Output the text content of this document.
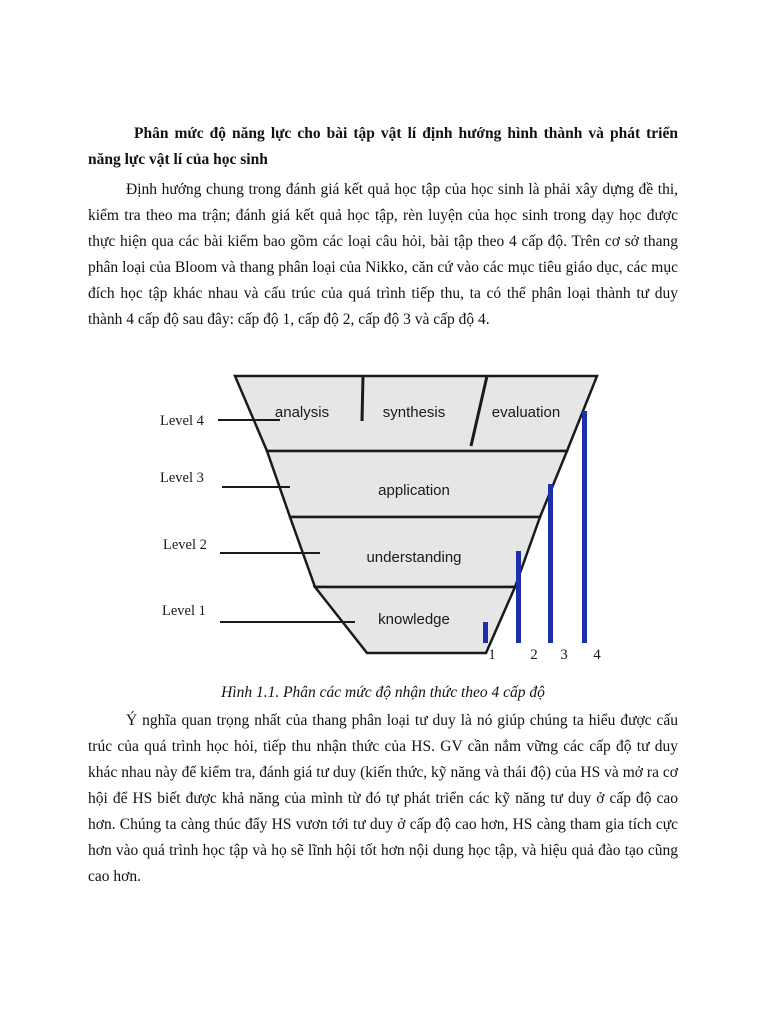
Phân mức độ năng lực cho bài tập vật lí định hướng hình thành và phát triển năng lực vật lí của học sinh
Định hướng chung trong đánh giá kết quả học tập của học sinh là phải xây dựng đề thi, kiểm tra theo ma trận; đánh giá kết quả học tập, rèn luyện của học sinh trong dạy học được thực hiện qua các bài kiểm bao gồm các loại câu hỏi, bài tập theo 4 cấp độ. Trên cơ sở thang phân loại của Bloom và thang phân loại của Nikko, căn cứ vào các mục tiêu giáo dục, các mục đích học tập khác nhau và cấu trúc của quá trình tiếp thu, ta có thể phân loại thành tư duy thành 4 cấp độ sau đây: cấp độ 1, cấp độ 2, cấp độ 3 và cấp độ 4.
Hình 1.1. Phân các mức độ nhận thức theo 4 cấp độ
Ý nghĩa quan trọng nhất của thang phân loại tư duy là nó giúp chúng ta hiểu được cấu trúc của quá trình học hỏi, tiếp thu nhận thức của HS. GV cần nắm vững các cấp độ tư duy khác nhau này để kiểm tra, đánh giá tư duy (kiến thức, kỹ năng và thái độ) của HS và mở ra cơ hội để HS biết được khả năng của mình từ đó tự phát triển các kỹ năng tư duy ở cấp độ cao hơn. Chúng ta càng thúc đẩy HS vươn tới tư duy ở cấp độ cao hơn, HS càng tham gia tích cực hơn vào quá trình học tập và họ sẽ lĩnh hội tốt hơn nội dung học tập, và hiệu quả đào tạo cũng cao hơn.
analysis	synthesis	evaluation
application
understanding
knowledge
Level 4
Level 3
Level 2
Level 1
1 2 3 4
